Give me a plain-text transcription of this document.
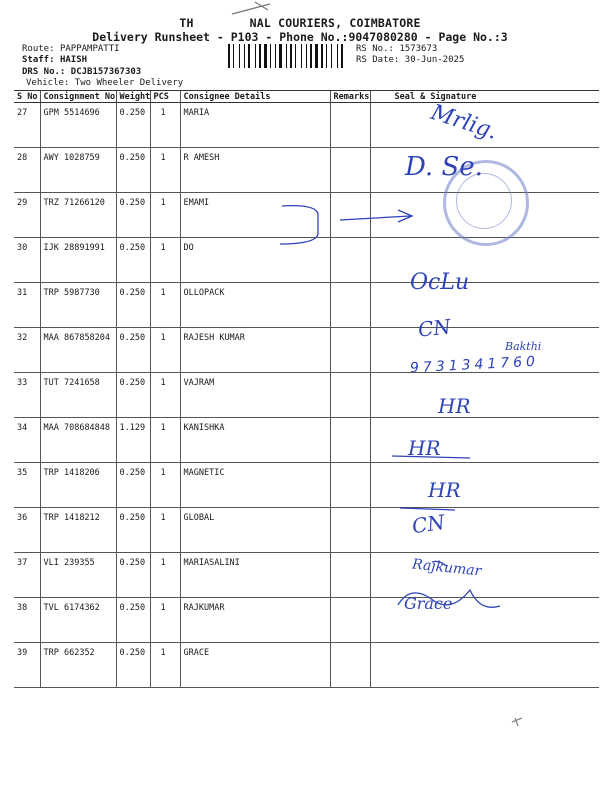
TH	NAL COURIERS, COIMBATORE
Delivery Runsheet - P103 - Phone No.:9047080280 - Page No.:3
Route: PAPPAMPATTI
Staff: HAISH
DRS No.: DCJB157367303
Vehicle: Two Wheeler Delivery
RS No.: 1573673
RS Date: 30-Jun-2025
S No	Consignment No	Weight	PCS	Consignee Details	Remarks	Seal & Signature
27	GPM 5514696	0.250	1	MARIA		
28	AWY 1028759	0.250	1	R AMESH		
29	TRZ 71266120	0.250	1	EMAMI		
30	IJK 28891991	0.250	1	DO		
31	TRP 5987730	0.250	1	OLLOPACK		
32	MAA 867858204	0.250	1	RAJESH KUMAR		
33	TUT 7241658	0.250	1	VAJRAM		
34	MAA 708684848	1.129	1	KANISHKA		
35	TRP 1418206	0.250	1	MAGNETIC		
36	TRP 1418212	0.250	1	GLOBAL		
37	VLI 239355	0.250	1	MARIASALINI		
38	TVL 6174362	0.250	1	RAJKUMAR		
39	TRP 662352	0.250	1	GRACE		
Mrlig.
D. Se.
OcLu
CN
Bakthi
9731341760
HR
HR
HR
CN
Rajkumar
Grace
